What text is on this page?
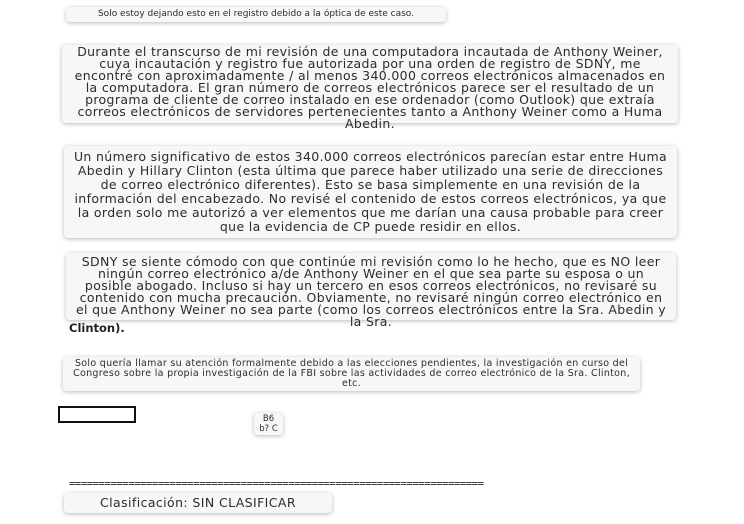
Solo estoy dejando esto en el registro debido a la óptica de este caso.
Durante el transcurso de mi revisión de una computadora incautada de Anthony Weiner, cuya incautación y registro fue autorizada por una orden de registro de SDNY, me encontré con aproximadamente / al menos 340.000 correos electrónicos almacenados en la computadora. El gran número de correos electrónicos parece ser el resultado de un programa de cliente de correo instalado en ese ordenador (como Outlook) que extraía correos electrónicos de servidores pertenecientes tanto a Anthony Weiner como a Huma Abedin.
Un número significativo de estos 340.000 correos electrónicos parecían estar entre Huma Abedin y Hillary Clinton (esta última que parece haber utilizado una serie de direcciones de correo electrónico diferentes). Esto se basa simplemente en una revisión de la información del encabezado. No revisé el contenido de estos correos electrónicos, ya que la orden solo me autorizó a ver elementos que me darían una causa probable para creer que la evidencia de CP puede residir en ellos.
SDNY se siente cómodo con que continúe mi revisión como lo he hecho, que es NO leer ningún correo electrónico a/de Anthony Weiner en el que sea parte su esposa o un posible abogado. Incluso si hay un tercero en esos correos electrónicos, no revisaré su contenido con mucha precaución. Obviamente, no revisaré ningún correo electrónico en el que Anthony Weiner no sea parte (como los correos electrónicos entre la Sra. Abedin y la Sra.
Clinton).
Solo quería llamar su atención formalmente debido a las elecciones pendientes, la investigación en curso del Congreso sobre la propia investigación de la FBI sobre las actividades de correo electrónico de la Sra. Clinton, etc.
B6
b? C
======================================================================
Clasificación: SIN CLASIFICAR
